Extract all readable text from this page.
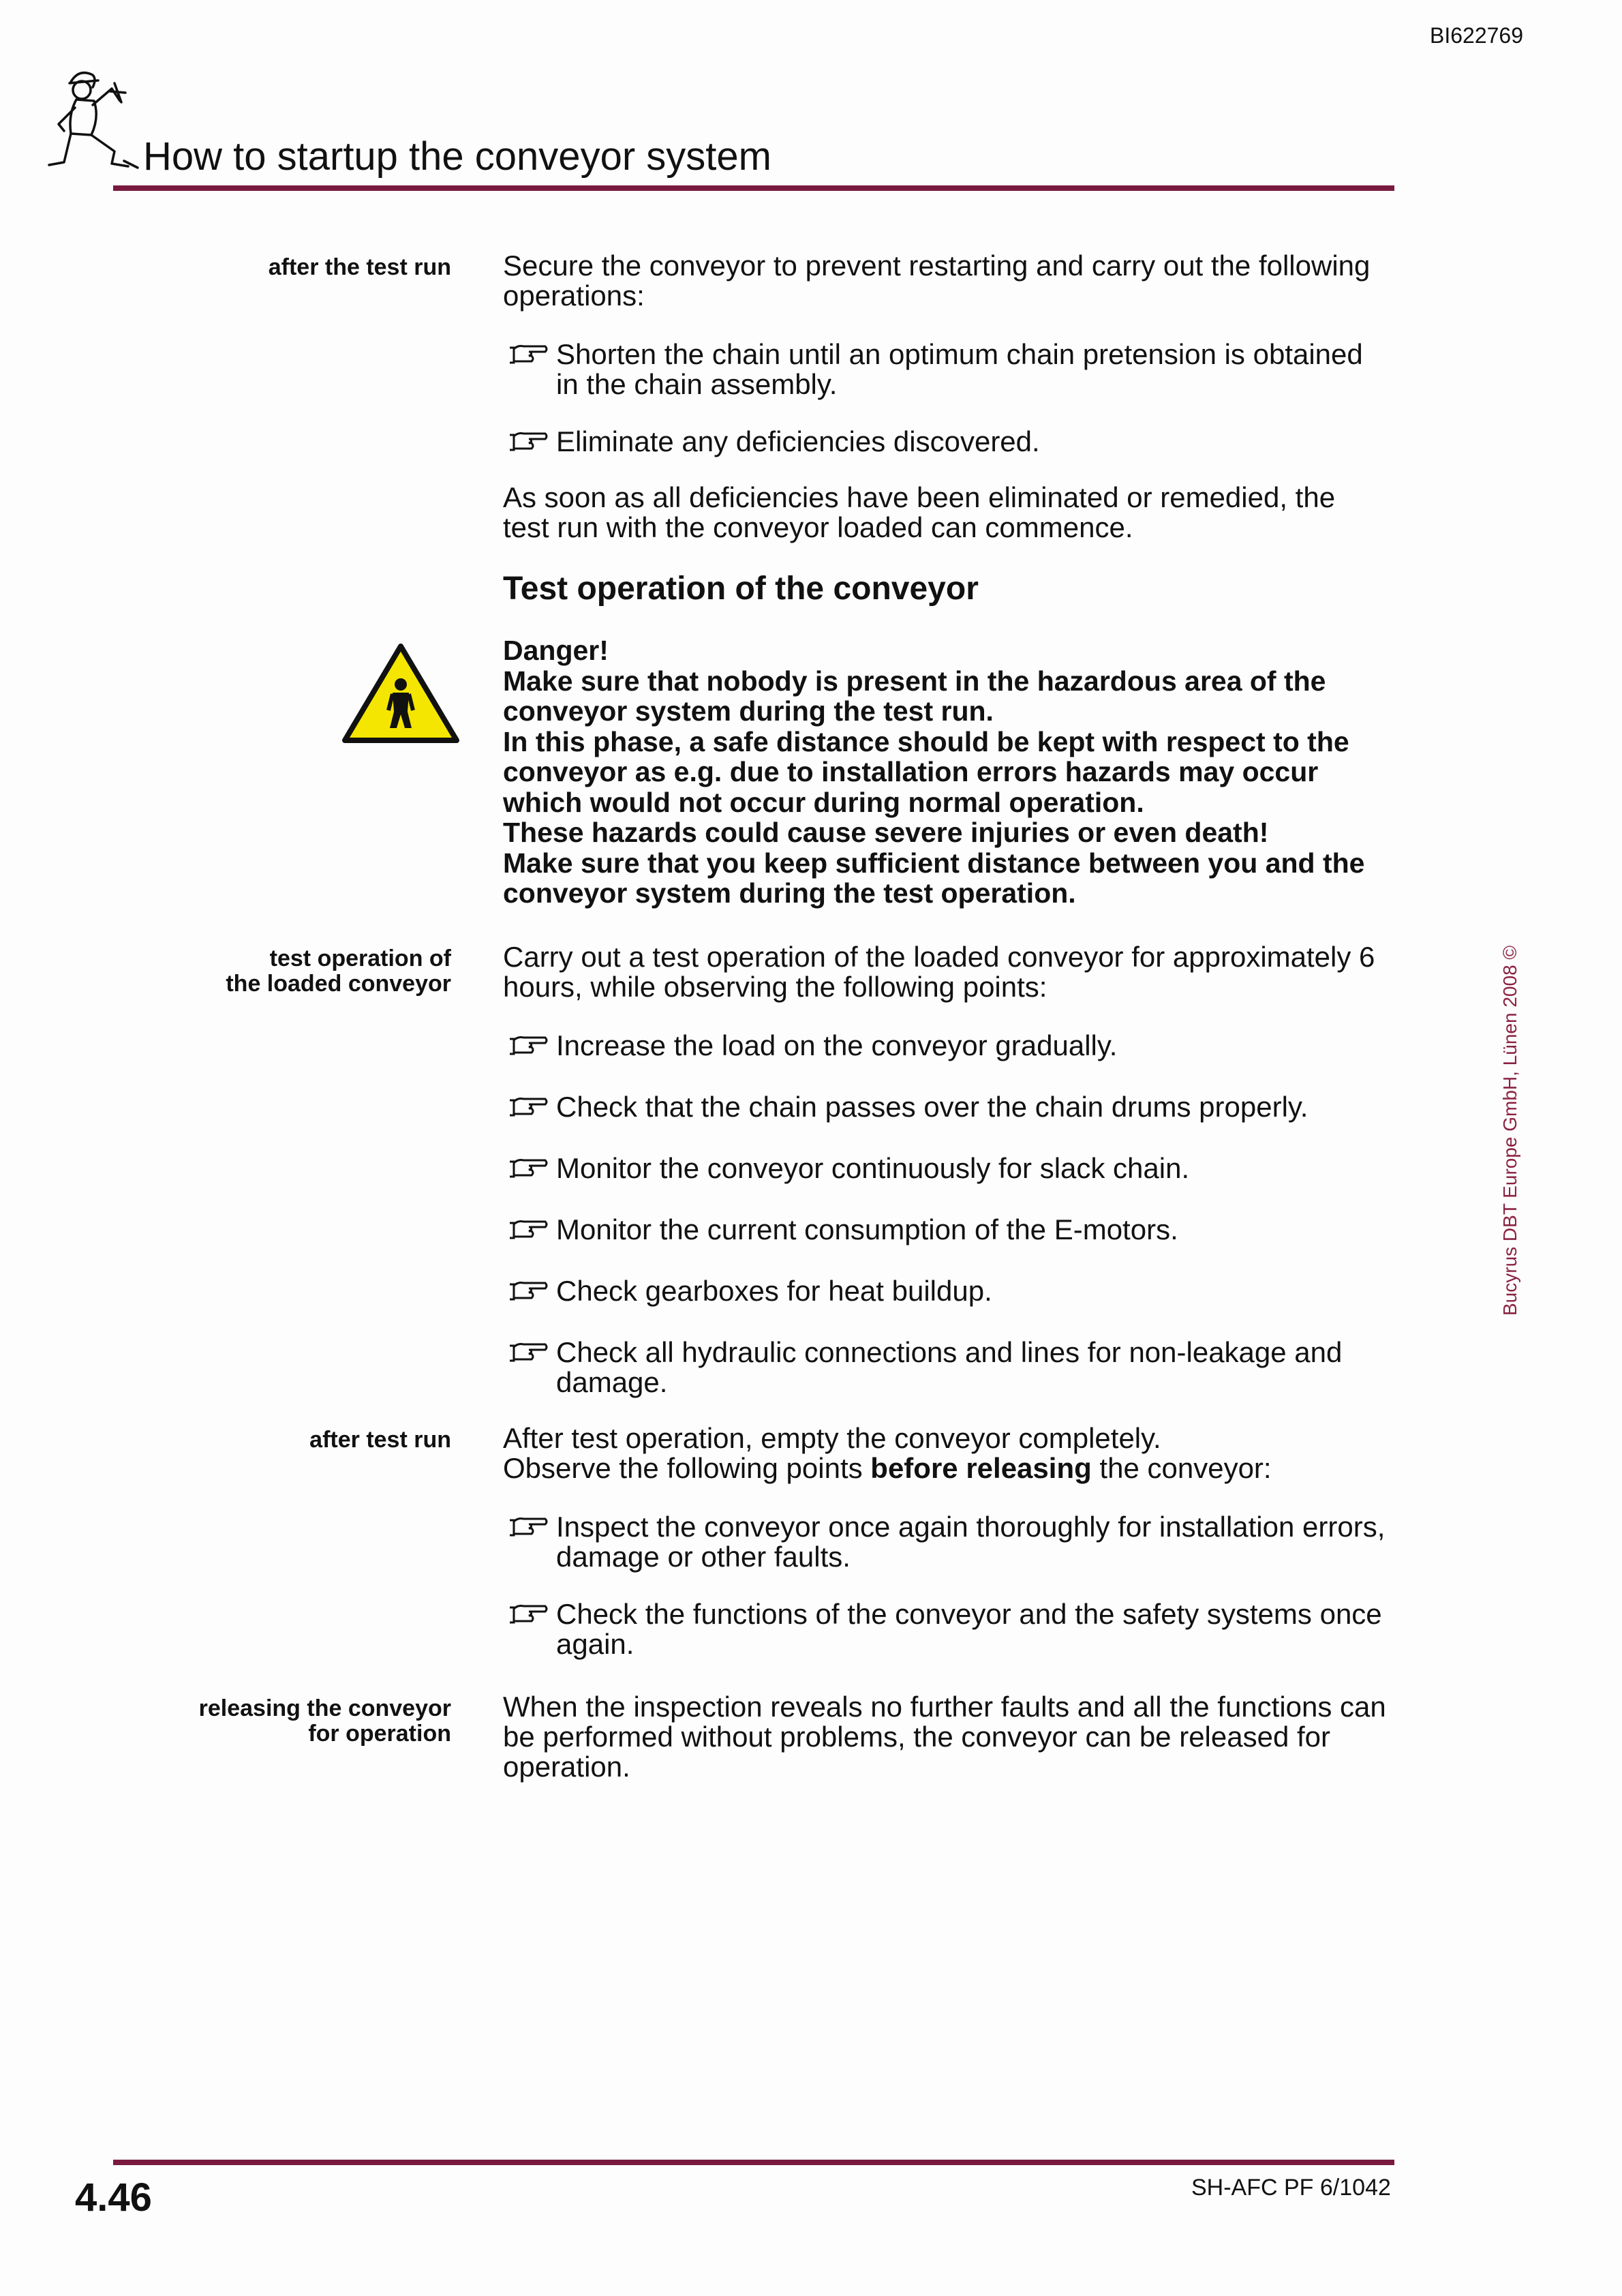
BI622769
How to startup the conveyor system
after the test run Secure the conveyor to prevent restarting and carry out the following operations:

Shorten the chain until an optimum chain pretension is obtained in the chain assembly.
Eliminate any deficiencies discovered.

As soon as all deficiencies have been eliminated or remedied, the test run with the conveyor loaded can commence.

Test operation of the conveyor

Danger!

Make sure that nobody is present in the hazardous area of the conveyor system during the test run.

In this phase, a safe distance should be kept with respect to the conveyor as e.g. due to installation errors hazards may occur which would not occur during normal operation.

These hazards could cause severe injuries or even death!

Make sure that you keep sufficient distance between you and the conveyor system during the test operation.

test operation of
the loaded conveyor

Carry out a test operation of the loaded conveyor for approximately 6 hours, while observing the following points:

Increase the load on the conveyor gradually.
Check that the chain passes over the chain drums properly.
Monitor the conveyor continuously for slack chain.
Monitor the current consumption of the E-motors.
Check gearboxes for heat buildup.
Check all hydraulic connections and lines for non-leakage and damage.
after test run After test operation, empty the conveyor completely.

Observe the following points before releasing the conveyor:

Inspect the conveyor once again thoroughly for installation errors, damage or other faults.
Check the functions of the conveyor and the safety systems once again.
releasing the conveyor
for operation

When the inspection reveals no further faults and all the functions can be performed without problems, the conveyor can be released for operation.

Bucyrus DBT Europe GmbH, Lünen 2008 ©
4.46	SH-AFC PF 6/1042
